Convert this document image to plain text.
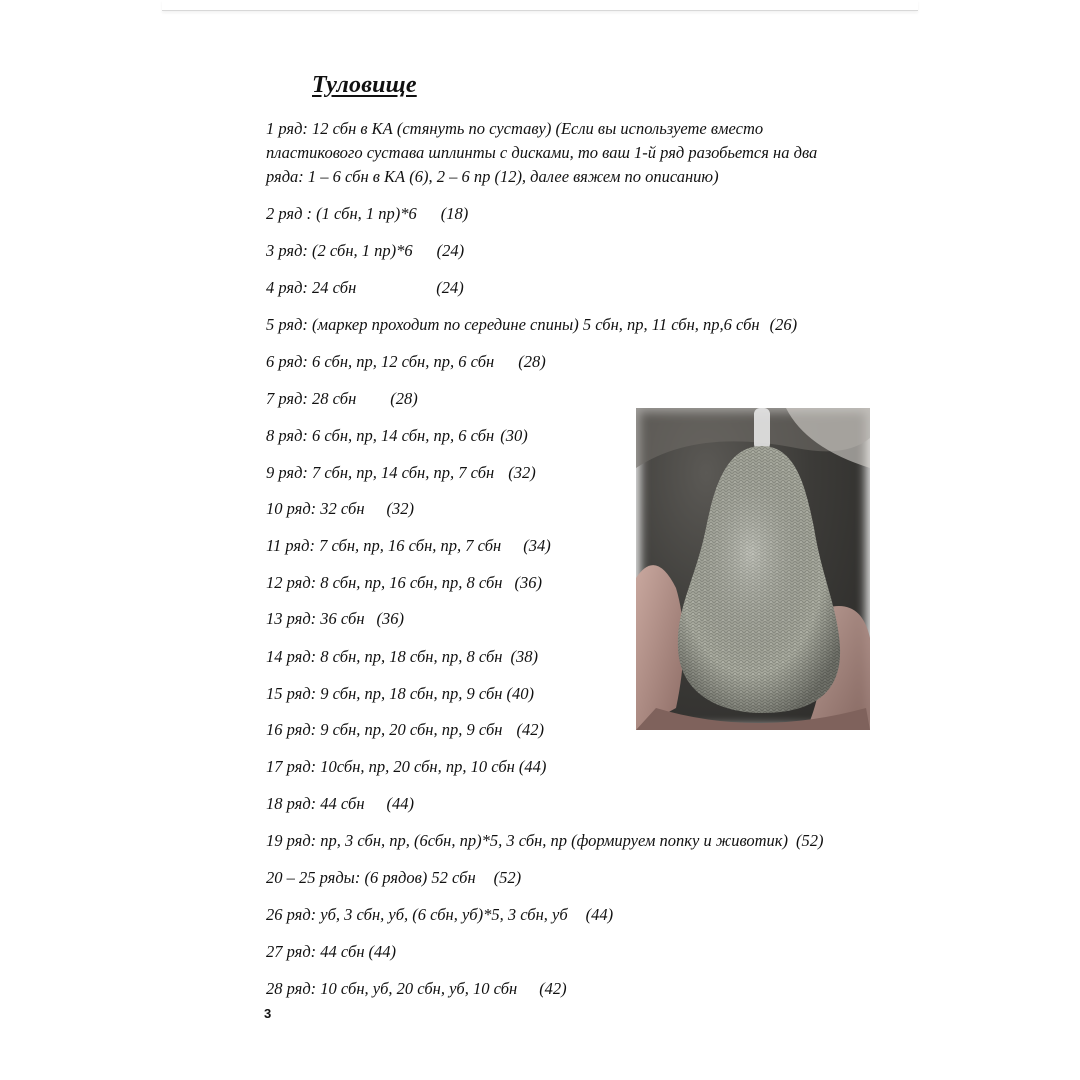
Туловище
1 ряд: 12 сбн в КА (стянуть по суставу) (Если вы используете вместо
пластикового сустава шплинты с дисками, то ваш 1-й ряд разобьется на два
ряда: 1 – 6 сбн в КА (6), 2 – 6 пр (12), далее вяжем по описанию)
2 ряд : (1 сбн, 1 пр)*6 (18)
3 ряд: (2 сбн, 1 пр)*6 (24)
4 ряд: 24 сбн	(24)
5 ряд: (маркер проходит по середине спины) 5 сбн, пр, 11 сбн, пр,6 сбн (26)
6 ряд: 6 сбн, пр, 12 сбн, пр, 6 сбн (28)
7 ряд: 28 сбн (28)
8 ряд: 6 сбн, пр, 14 сбн, пр, 6 сбн (30)
9 ряд: 7 сбн, пр, 14 сбн, пр, 7 сбн (32)
10 ряд: 32 сбн (32)
11 ряд: 7 сбн, пр, 16 сбн, пр, 7 сбн (34)
12 ряд: 8 сбн, пр, 16 сбн, пр, 8 сбн (36)
13 ряд: 36 сбн (36)
14 ряд: 8 сбн, пр, 18 сбн, пр, 8 сбн (38)
15 ряд: 9 сбн, пр, 18 сбн, пр, 9 сбн (40)
16 ряд: 9 сбн, пр, 20 сбн, пр, 9 сбн (42)
17 ряд: 10сбн, пр, 20 сбн, пр, 10 сбн (44)
18 ряд: 44 сбн (44)
19 ряд: пр, 3 сбн, пр, (6сбн, пр)*5, 3 сбн, пр (формируем попку и животик) (52)
20 – 25 ряды: (6 рядов) 52 сбн (52)
26 ряд: уб, 3 сбн, уб, (6 сбн, уб)*5, 3 сбн, уб (44)
27 ряд: 44 сбн (44)
28 ряд: 10 сбн, уб, 20 сбн, уб, 10 сбн (42)
3
